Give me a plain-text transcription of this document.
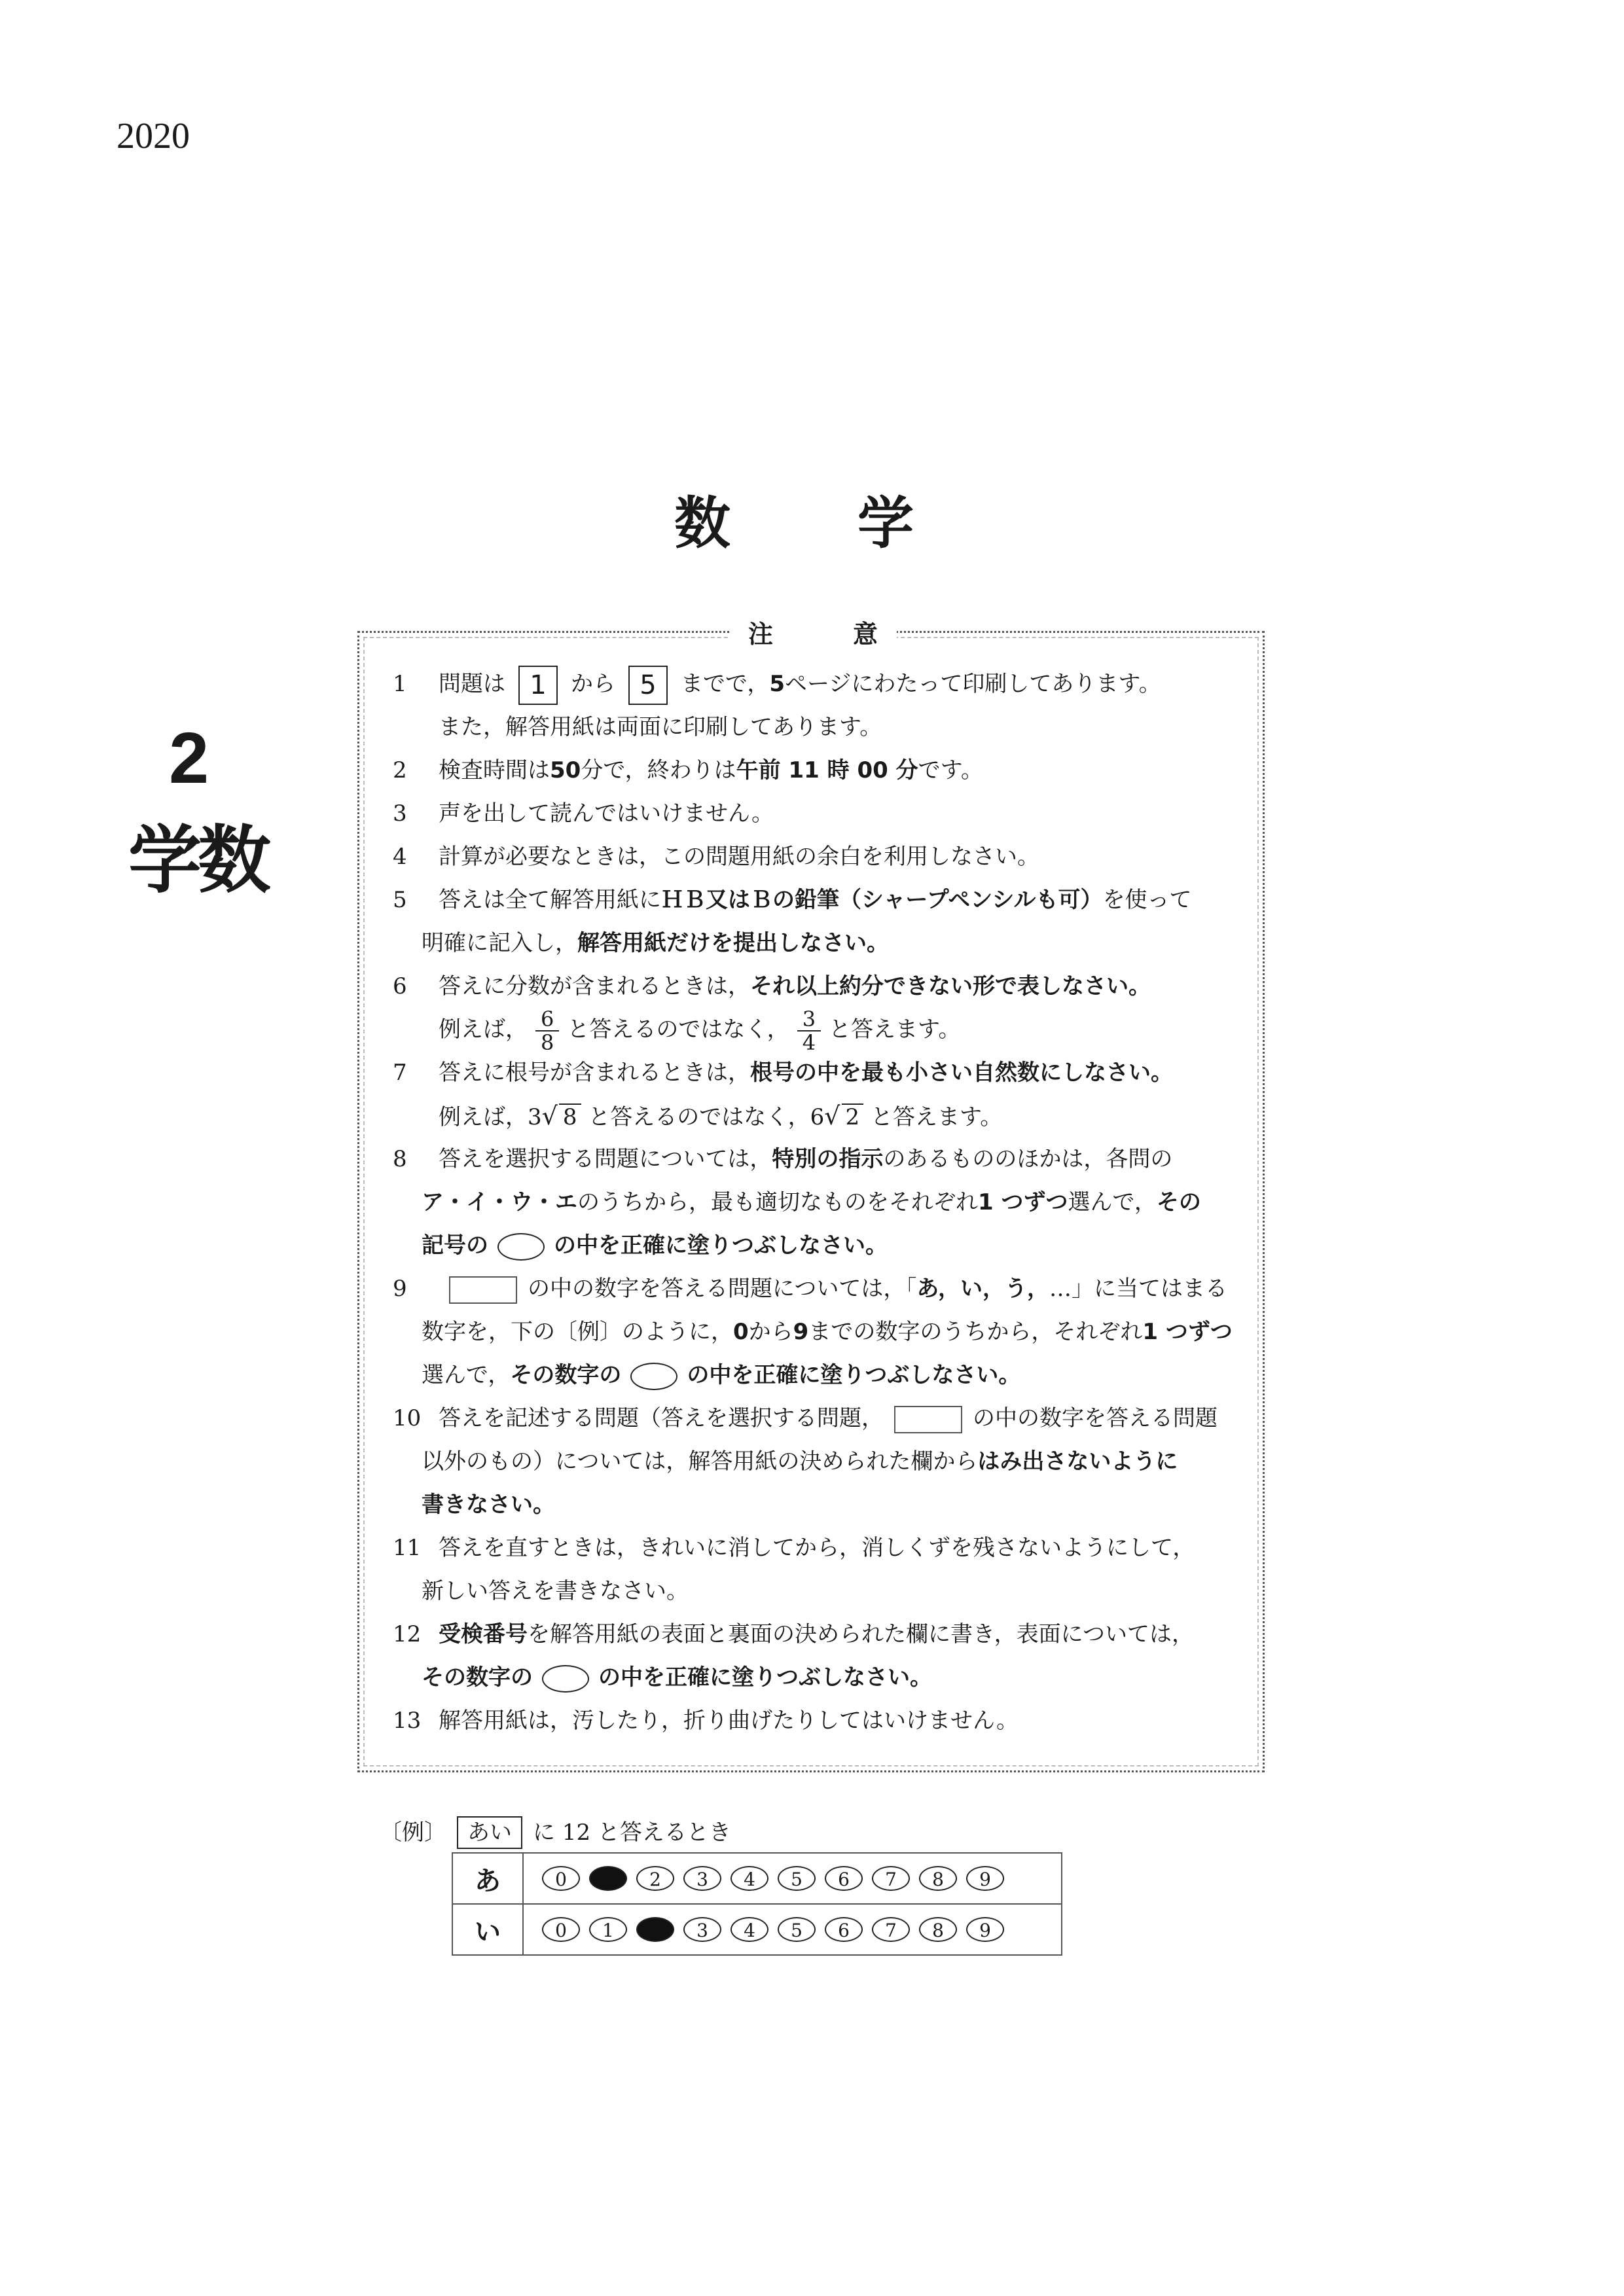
2020
数 学
2
学数
注	意
1 問題は 1 から 5 までで，5ページにわたって印刷してあります。
また，解答用紙は両面に印刷してあります。
2 検査時間は50分で，終わりは午前 11 時 00 分です。
3 声を出して読んではいけません。
4 計算が必要なときは，この問題用紙の余白を利用しなさい。
5 答えは全て解答用紙にＨＢ又はＢの鉛筆（シャープペンシルも可）を使って
明確に記入し，解答用紙だけを提出しなさい。
6 答えに分数が含まれるときは，それ以上約分できない形で表しなさい。
例えば， $\frac{6}{8}$ と答えるのではなく， $\frac{3}{4}$ と答えます。
7 答えに根号が含まれるときは，根号の中を最も小さい自然数にしなさい。
例えば，3√ 8 と答えるのではなく，6√ 2 と答えます。
8 答えを選択する問題については，特別の指示のあるもののほかは，各問の
ア・イ・ウ・エのうちから，最も適切なものをそれぞれ1 つずつ選んで，その
記号の	の中を正確に塗りつぶしなさい。
9	の中の数字を答える問題については，「あ，い，う，…」に当てはまる
数字を，下の〔例〕のように，0から9までの数字のうちから，それぞれ1 つずつ
選んで，その数字の	の中を正確に塗りつぶしなさい。
10 答えを記述する問題（答えを選択する問題，	の中の数字を答える問題
以外のもの）については，解答用紙の決められた欄からはみ出さないように
書きなさい。
11 答えを直すときは，きれいに消してから，消しくずを残さないようにして，
新しい答えを書きなさい。
12 受検番号を解答用紙の表面と裏面の決められた欄に書き，表面については，
その数字の	の中を正確に塗りつぶしなさい。
13 解答用紙は，汚したり，折り曲げたりしてはいけません。
〔例〕 あい に 12 と答えるとき
あ	0 1 2 3 4 5 6 7 8 9
い	0 1 2 3 4 5 6 7 8 9
